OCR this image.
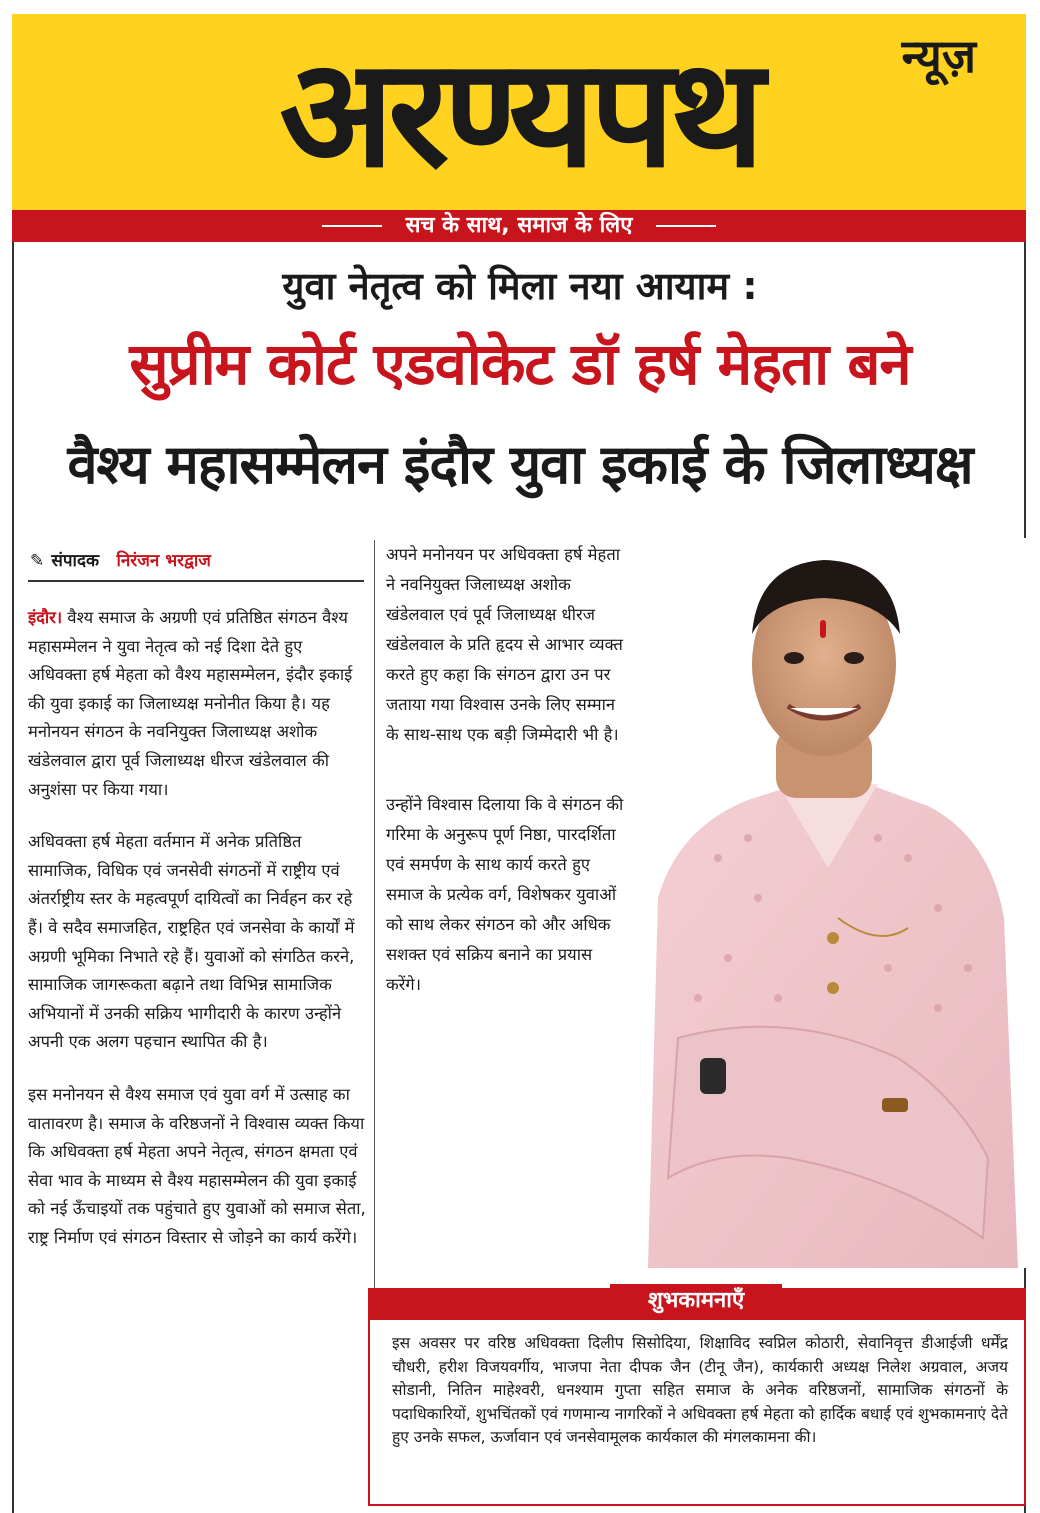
अरण्यपथ	न्यूज़
सच के साथ, समाज के लिए
युवा नेतृत्व को मिला नया आयाम :
सुप्रीम कोर्ट एडवोकेट डॉ हर्ष मेहता बने
वैश्य महासम्मेलन इंदौर युवा इकाई के जिलाध्यक्ष
✎ संपादक निरंजन भरद्वाज

इंदौर। वैश्य समाज के अग्रणी एवं प्रतिष्ठित संगठन वैश्य महासम्मेलन ने युवा नेतृत्व को नई दिशा देते हुए अधिवक्ता हर्ष मेहता को वैश्य महासम्मेलन, इंदौर इकाई की युवा इकाई का जिलाध्यक्ष मनोनीत किया है। यह मनोनयन संगठन के नवनियुक्त जिलाध्यक्ष अशोक खंडेलवाल द्वारा पूर्व जिलाध्यक्ष धीरज खंडेलवाल की अनुशंसा पर किया गया।

अधिवक्ता हर्ष मेहता वर्तमान में अनेक प्रतिष्ठित सामाजिक, विधिक एवं जनसेवी संगठनों में राष्ट्रीय एवं अंतर्राष्ट्रीय स्तर के महत्वपूर्ण दायित्वों का निर्वहन कर रहे हैं। वे सदैव समाजहित, राष्ट्रहित एवं जनसेवा के कार्यों में अग्रणी भूमिका निभाते रहे हैं। युवाओं को संगठित करने, सामाजिक जागरूकता बढ़ाने तथा विभिन्न सामाजिक अभियानों में उनकी सक्रिय भागीदारी के कारण उन्होंने अपनी एक अलग पहचान स्थापित की है।

इस मनोनयन से वैश्य समाज एवं युवा वर्ग में उत्साह का वातावरण है। समाज के वरिष्ठजनों ने विश्वास व्यक्त किया कि अधिवक्ता हर्ष मेहता अपने नेतृत्व, संगठन क्षमता एवं सेवा भाव के माध्यम से वैश्य महासम्मेलन की युवा इकाई को नई ऊँचाइयों तक पहुंचाते हुए युवाओं को समाज सेता, राष्ट्र निर्माण एवं संगठन विस्तार से जोड़ने का कार्य करेंगे।

अपने मनोनयन पर अधिवक्ता हर्ष मेहता ने नवनियुक्त जिलाध्यक्ष अशोक खंडेलवाल एवं पूर्व जिलाध्यक्ष धीरज खंडेलवाल के प्रति हृदय से आभार व्यक्त करते हुए कहा कि संगठन द्वारा उन पर जताया गया विश्वास उनके लिए सम्मान के साथ-साथ एक बड़ी जिम्मेदारी भी है।

उन्होंने विश्वास दिलाया कि वे संगठन की गरिमा के अनुरूप पूर्ण निष्ठा, पारदर्शिता एवं समर्पण के साथ कार्य करते हुए समाज के प्रत्येक वर्ग, विशेषकर युवाओं को साथ लेकर संगठन को और अधिक सशक्त एवं सक्रिय बनाने का प्रयास करेंगे।

शुभकामनाएँ
इस अवसर पर वरिष्ठ अधिवक्ता दिलीप सिसोदिया, शिक्षाविद स्वप्निल कोठारी, सेवानिवृत्त डीआईजी धर्मेंद्र चौधरी, हरीश विजयवर्गीय, भाजपा नेता दीपक जैन (टीनू जैन), कार्यकारी अध्यक्ष निलेश अग्रवाल, अजय सोडानी, नितिन माहेश्वरी, धनश्याम गुप्ता सहित समाज के अनेक वरिष्ठजनों, सामाजिक संगठनों के पदाधिकारियों, शुभचिंतकों एवं गणमान्य नागरिकों ने अधिवक्ता हर्ष मेहता को हार्दिक बधाई एवं शुभकामनाएं देते हुए उनके सफल, ऊर्जावान एवं जनसेवामूलक कार्यकाल की मंगलकामना की।
